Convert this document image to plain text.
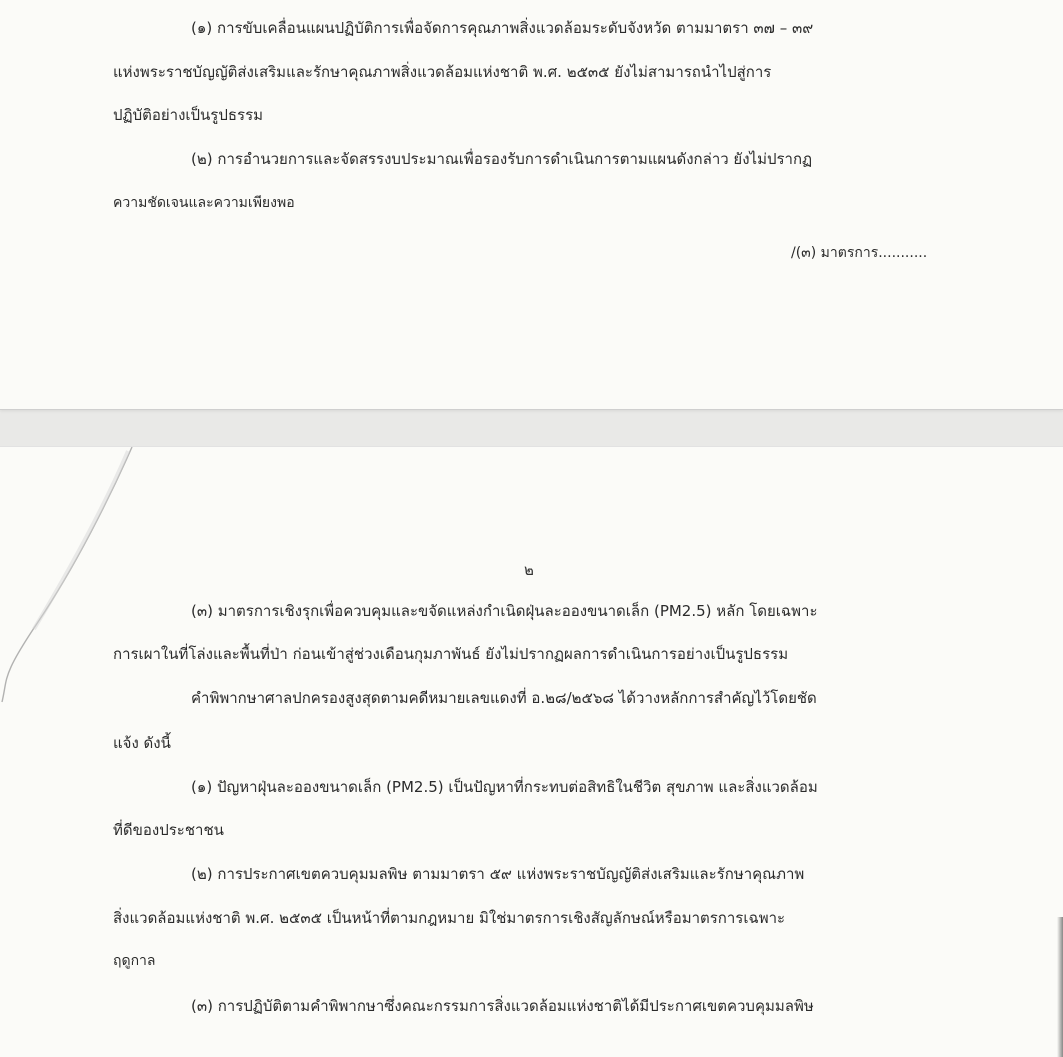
(๑) การขับเคลื่อนแผนปฏิบัติการเพื่อจัดการคุณภาพสิ่งแวดล้อมระดับจังหวัด ตามมาตรา ๓๗ – ๓๙
แห่งพระราชบัญญัติส่งเสริมและรักษาคุณภาพสิ่งแวดล้อมแห่งชาติ พ.ศ. ๒๕๓๕ ยังไม่สามารถนำไปสู่การ
ปฏิบัติอย่างเป็นรูปธรรม
(๒) การอำนวยการและจัดสรรงบประมาณเพื่อรองรับการดำเนินการตามแผนดังกล่าว ยังไม่ปรากฏ
ความชัดเจนและความเพียงพอ
/(๓) มาตรการ...........
๒
(๓) มาตรการเชิงรุกเพื่อควบคุมและขจัดแหล่งกำเนิดฝุ่นละอองขนาดเล็ก (PM2.5) หลัก โดยเฉพาะ
การเผาในที่โล่งและพื้นที่ป่า ก่อนเข้าสู่ช่วงเดือนกุมภาพันธ์ ยังไม่ปรากฏผลการดำเนินการอย่างเป็นรูปธรรม
คำพิพากษาศาลปกครองสูงสุดตามคดีหมายเลขแดงที่ อ.๒๘/๒๕๖๘ ได้วางหลักการสำคัญไว้โดยชัด
แจ้ง ดังนี้
(๑) ปัญหาฝุ่นละอองขนาดเล็ก (PM2.5) เป็นปัญหาที่กระทบต่อสิทธิในชีวิต สุขภาพ และสิ่งแวดล้อม
ที่ดีของประชาชน
(๒) การประกาศเขตควบคุมมลพิษ ตามมาตรา ๕๙ แห่งพระราชบัญญัติส่งเสริมและรักษาคุณภาพ
สิ่งแวดล้อมแห่งชาติ พ.ศ. ๒๕๓๕ เป็นหน้าที่ตามกฎหมาย มิใช่มาตรการเชิงสัญลักษณ์หรือมาตรการเฉพาะ
ฤดูกาล
(๓) การปฏิบัติตามคำพิพากษาซึ่งคณะกรรมการสิ่งแวดล้อมแห่งชาติได้มีประกาศเขตควบคุมมลพิษ
